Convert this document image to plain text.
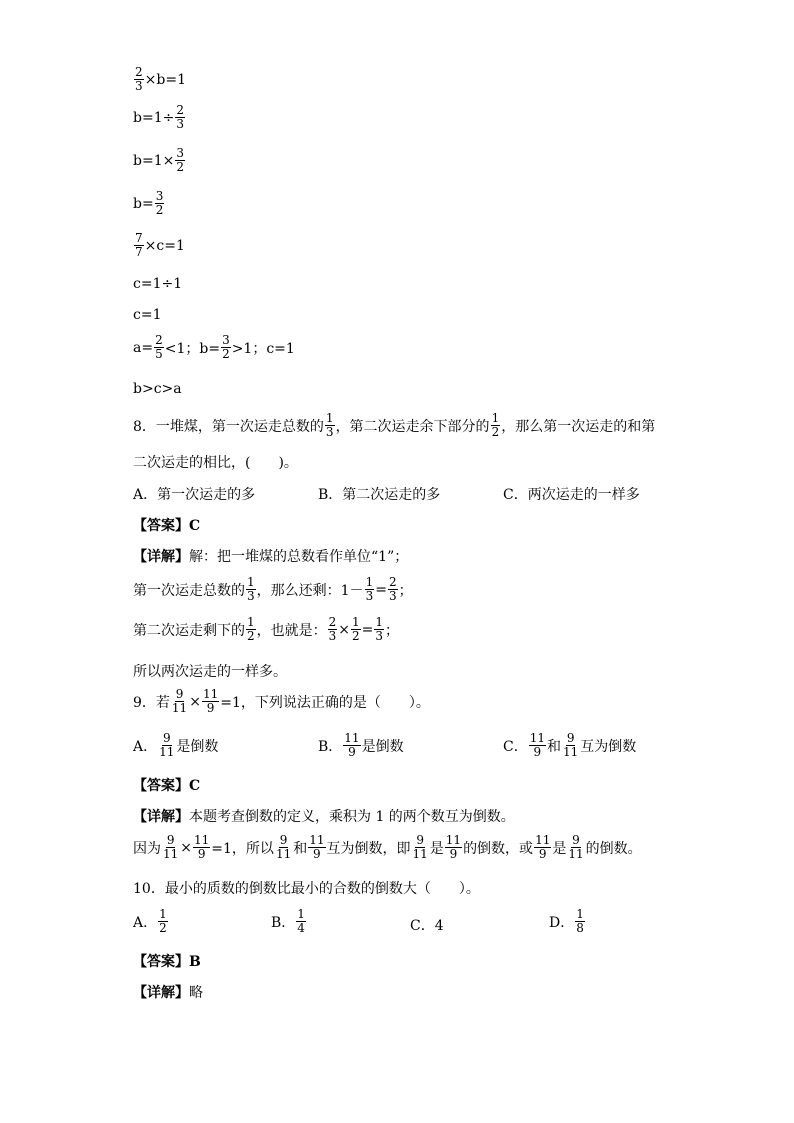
$\frac{2}{3} \times b=1$
$b=1\div \frac{2}{3}$
$b=1\times \frac{3}{2}$
$b= \frac{3}{2}$
$\frac{7}{7} \times c=1$
c=1÷1
c=1
$a= \frac{2}{5} <1$；$b= \frac{3}{2} >1$；c=1
b>c>a
8．一堆煤，第一次运走总数的 $\frac{1}{3}$ ，第二次运走余下部分的 $\frac{1}{2}$ ，那么第一次运走的和第
二次运走的相比，(　　)。
A．第一次运走的多	B．第二次运走的多	C．两次运走的一样多
【答案】C
【详解】 解：把一堆煤的总数看作单位“1”；
第一次运走总数的 $\frac{1}{3}$ ，那么还剩：$1- \frac{1}{3} = \frac{2}{3}$ ；
第二次运走剩下的 $\frac{1}{2}$ ，也就是： $\frac{2}{3} \times \frac{1}{2} = \frac{1}{3}$ ；
所以两次运走的一样多。
9．若 $\frac{9}{11} \times \frac{11}{9} =1$，下列说法正确的是（　　）。
A． $\frac{9}{11}$ 是倒数	B． $\frac{11}{9}$ 是倒数	C． $\frac{11}{9}$ 和 $\frac{9}{11}$ 互为倒数
【答案】C
【详解】 本题考查倒数的定义，乘积为 1 的两个数互为倒数。
因为 $\frac{9}{11} \times \frac{11}{9} =1$，所以 $\frac{9}{11}$ 和 $\frac{11}{9}$ 互为倒数，即 $\frac{9}{11}$ 是 $\frac{11}{9}$ 的倒数，或 $\frac{11}{9}$ 是 $\frac{9}{11}$ 的倒数。
10．最小的质数的倒数比最小的合数的倒数大（　　）。
A． $\frac{1}{2}$	B． $\frac{1}{4}$	C．4	D． $\frac{1}{8}$
【答案】B
【详解】 略
